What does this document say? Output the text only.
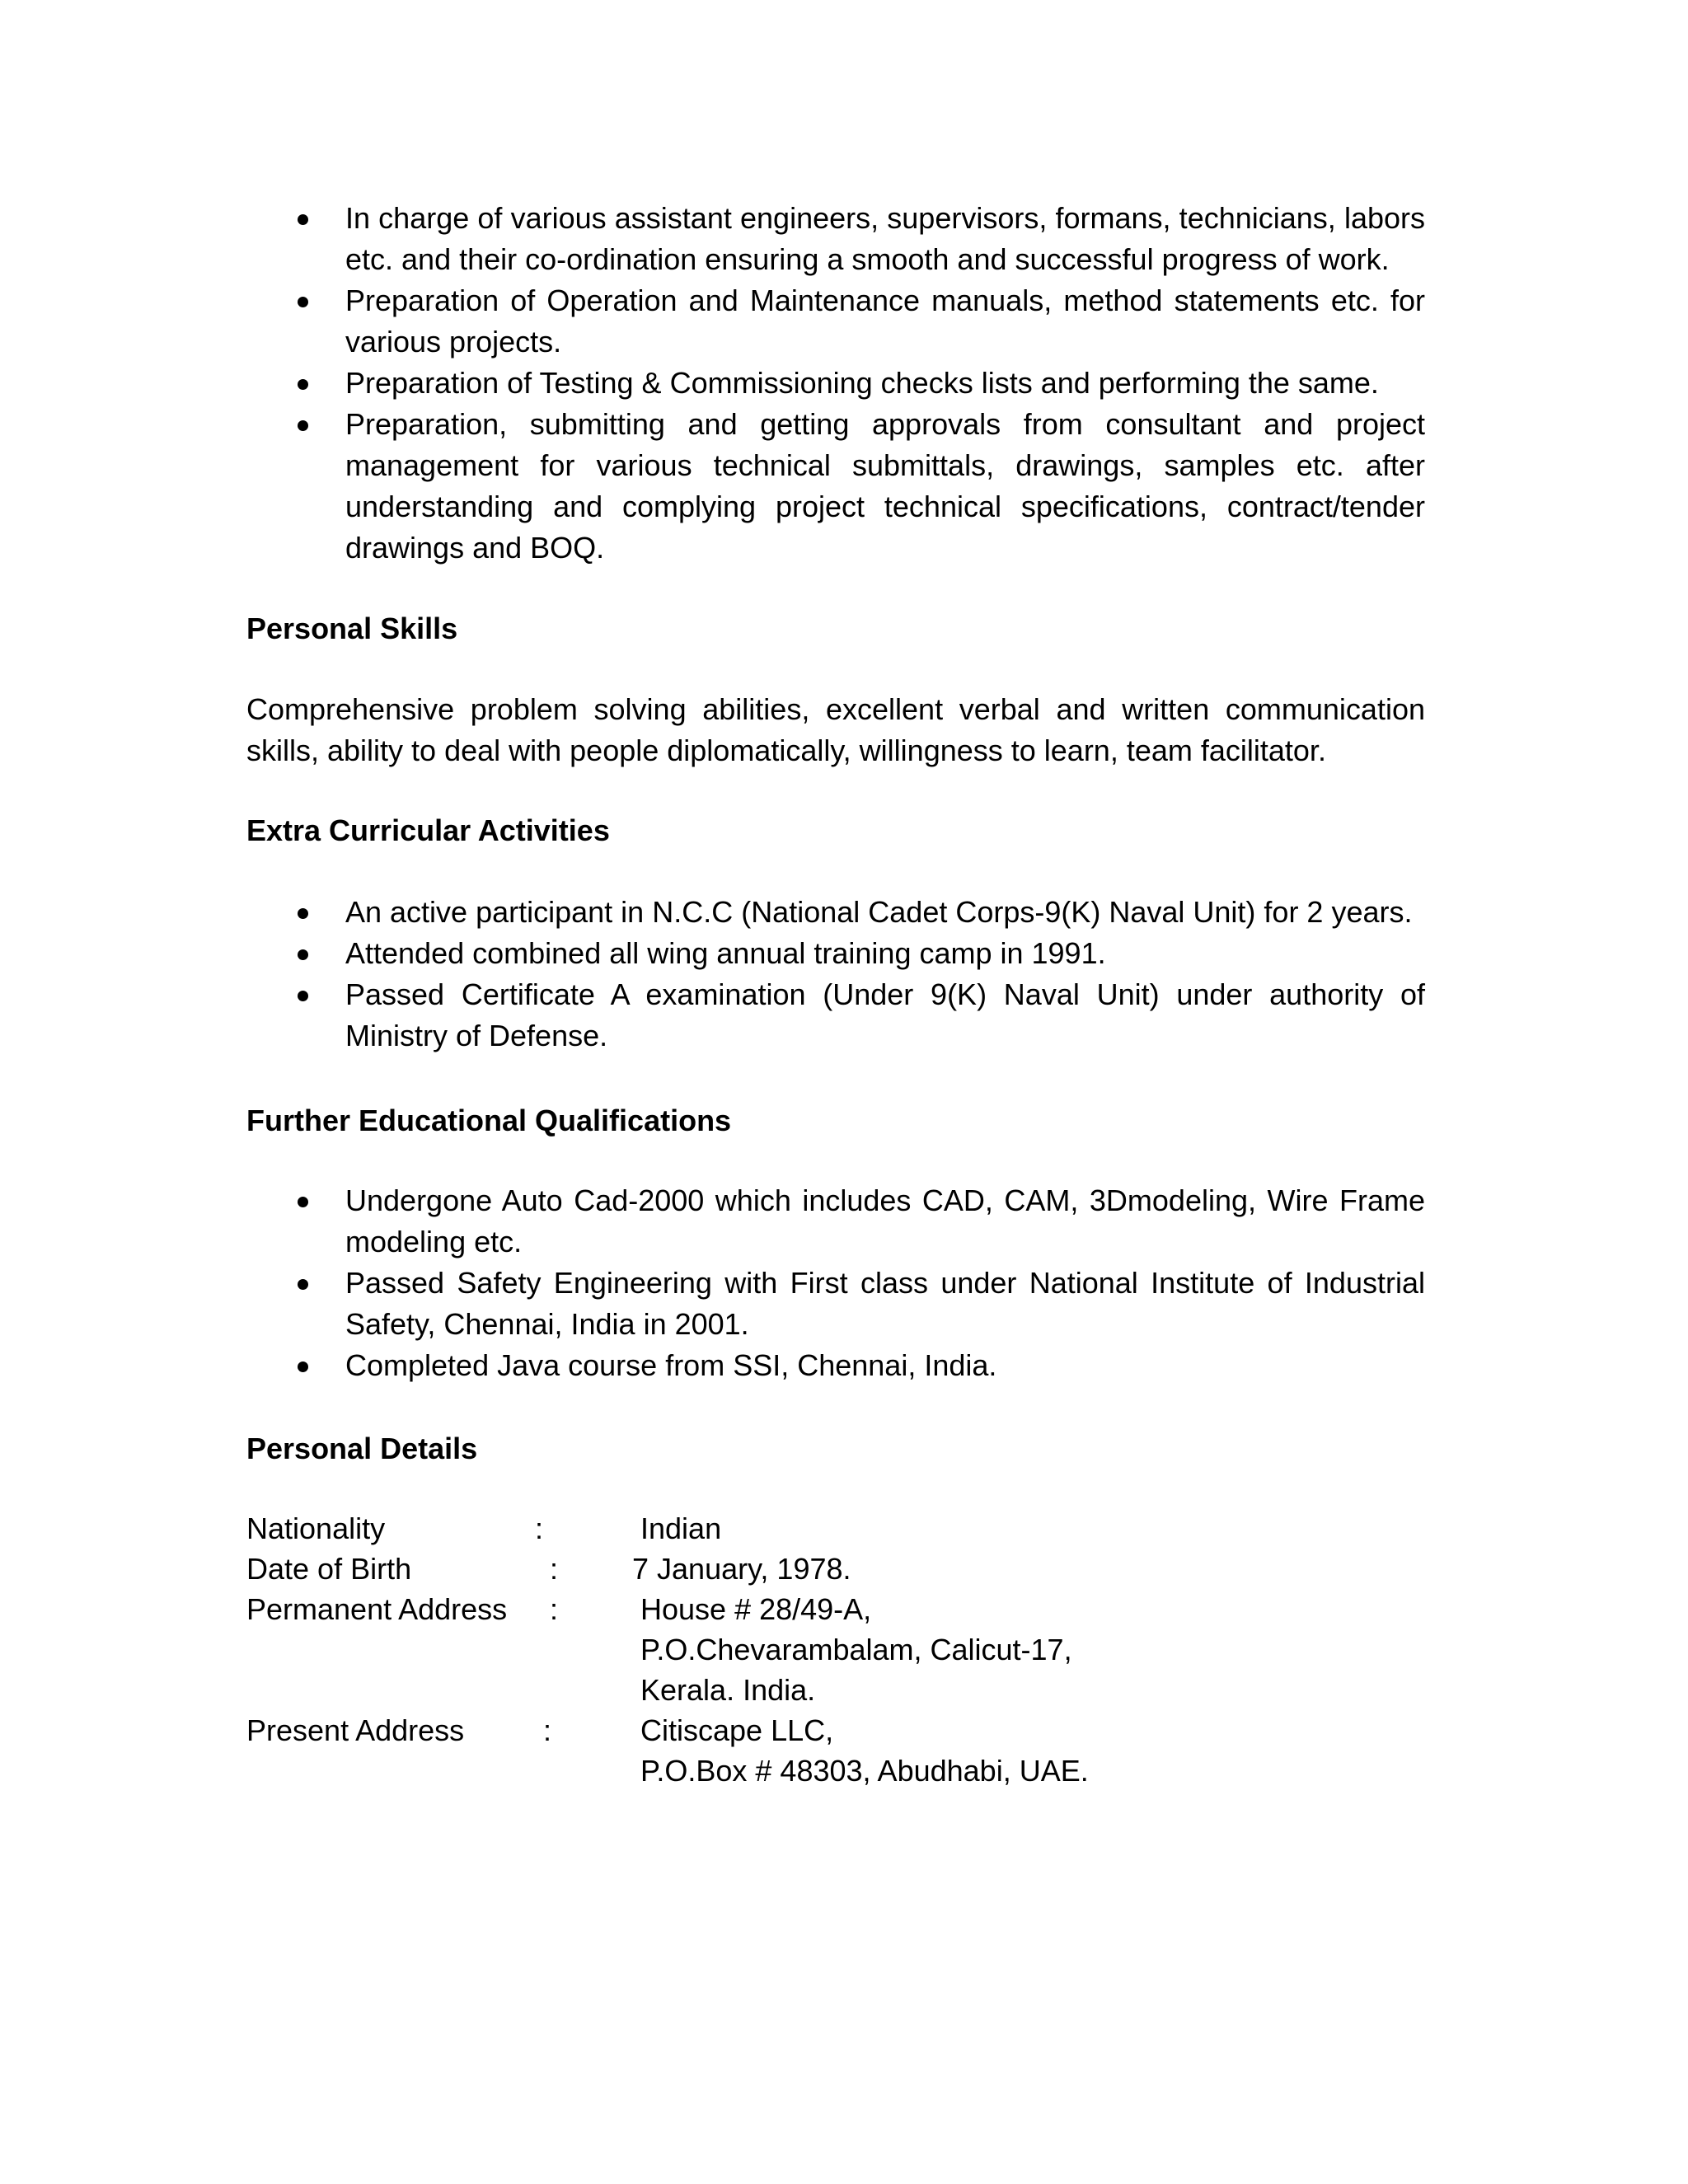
In charge of various assistant engineers, supervisors, formans, technicians, labors etc. and their co-ordination ensuring a smooth and successful progress of work.
Preparation of Operation and Maintenance manuals, method statements etc. for various projects.
Preparation of Testing & Commissioning checks lists and performing the same.
Preparation, submitting and getting approvals from consultant and project management for various technical submittals, drawings, samples etc. after understanding and complying project technical specifications, contract/tender drawings and BOQ.
Personal Skills
Comprehensive problem solving abilities, excellent verbal and written communication skills, ability to deal with people diplomatically, willingness to learn, team facilitator.
Extra Curricular Activities
An active participant in N.C.C (National Cadet Corps-9(K) Naval Unit) for 2 years.
Attended combined all wing annual training camp in 1991.
Passed Certificate A examination (Under 9(K) Naval Unit) under authority of Ministry of Defense.
Further Educational Qualifications
Undergone Auto Cad-2000 which includes CAD, CAM, 3Dmodeling, Wire Frame modeling etc.
Passed Safety Engineering with First class under National Institute of Industrial Safety, Chennai, India in 2001.
Completed Java course from SSI, Chennai, India.
Personal Details
Nationality	:	Indian
Date of Birth	: 7 January, 1978.
Permanent Address :	House # 28/49-A,
P.O.Chevarambalam, Calicut-17,
Kerala. India.
Present Address	:	Citiscape LLC,
P.O.Box # 48303, Abudhabi, UAE.
